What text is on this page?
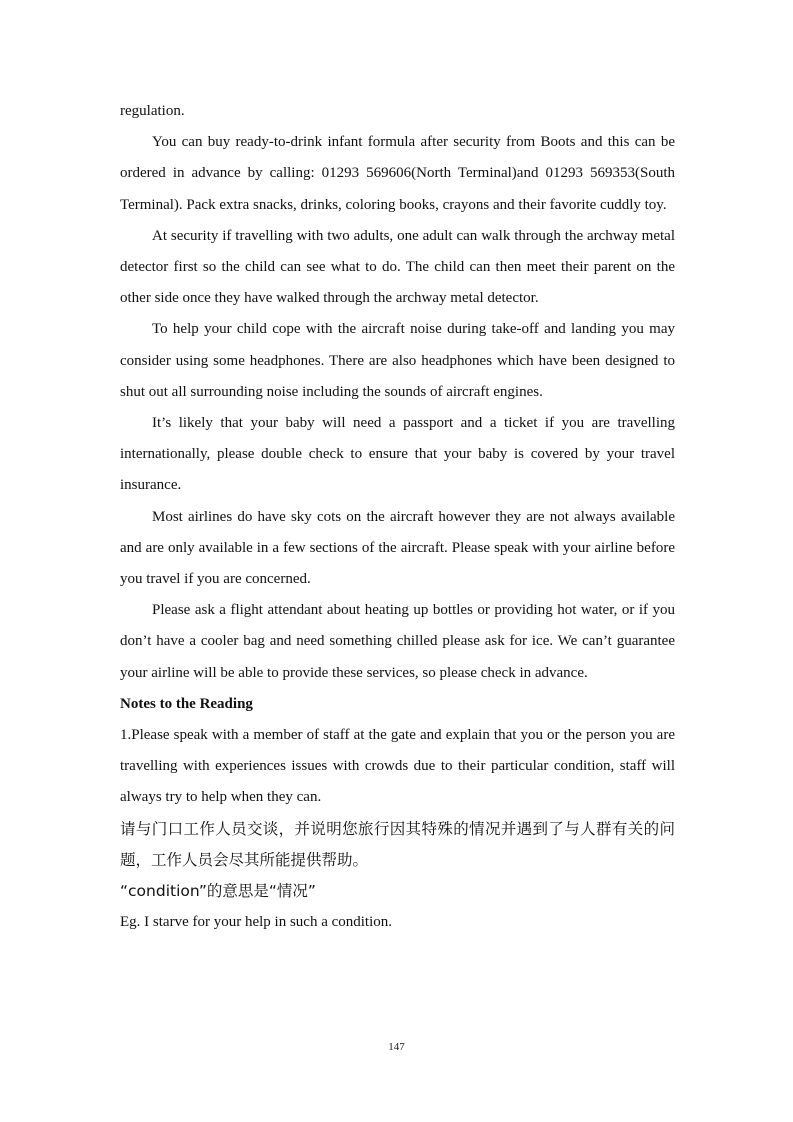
regulation.

You can buy ready-to-drink infant formula after security from Boots and this can be ordered in advance by calling: 01293 569606(North Terminal)and 01293 569353(South Terminal). Pack extra snacks, drinks, coloring books, crayons and their favorite cuddly toy.

At security if travelling with two adults, one adult can walk through the archway metal detector first so the child can see what to do. The child can then meet their parent on the other side once they have walked through the archway metal detector.

To help your child cope with the aircraft noise during take-off and landing you may consider using some headphones. There are also headphones which have been designed to shut out all surrounding noise including the sounds of aircraft engines.

It’s likely that your baby will need a passport and a ticket if you are travelling internationally, please double check to ensure that your baby is covered by your travel insurance.

Most airlines do have sky cots on the aircraft however they are not always available and are only available in a few sections of the aircraft. Please speak with your airline before you travel if you are concerned.

Please ask a flight attendant about heating up bottles or providing hot water, or if you don’t have a cooler bag and need something chilled please ask for ice. We can’t guarantee your airline will be able to provide these services, so please check in advance.

Notes to the Reading

1.Please speak with a member of staff at the gate and explain that you or the person you are travelling with experiences issues with crowds due to their particular condition, staff will always try to help when they can.

请与门口工作人员交谈，并说明您旅行因其特殊的情况并遇到了与人群有关的问题，工作人员会尽其所能提供帮助。

“condition”的意思是“情况”

Eg. I starve for your help in such a condition.

147
